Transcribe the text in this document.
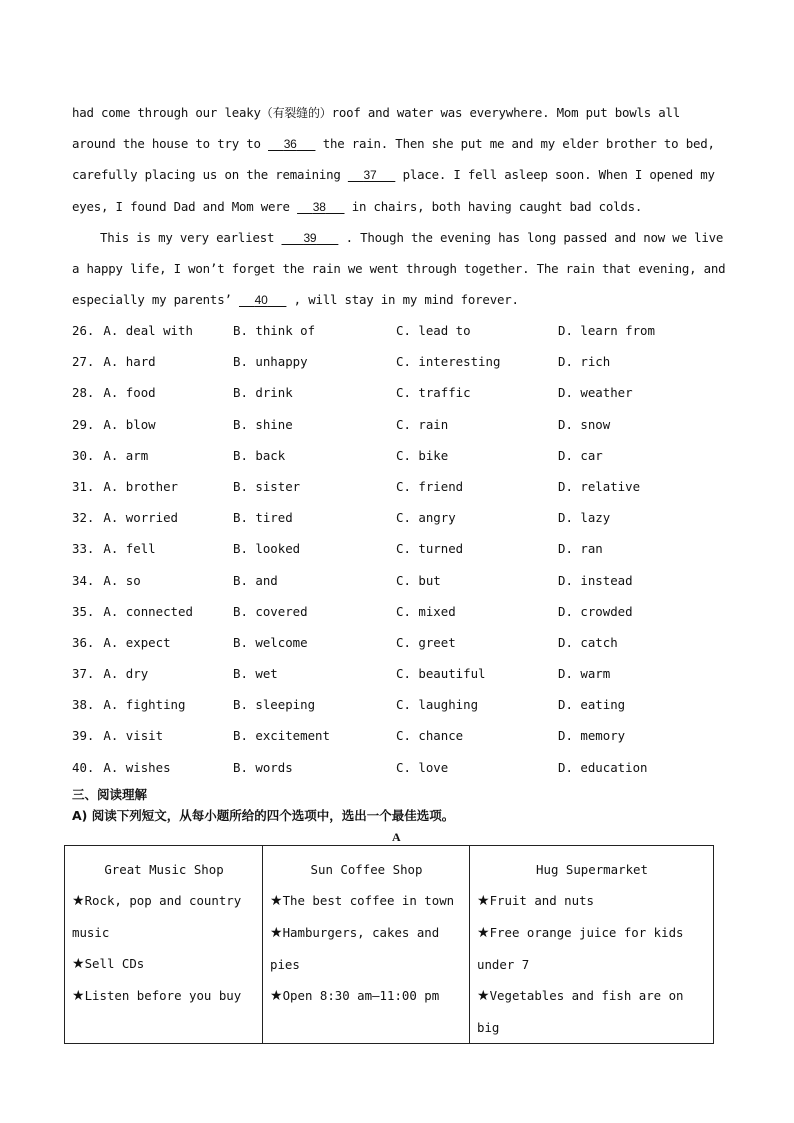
had come through our leaky（有裂缝的）roof and water was everywhere. Mom put bowls all
around the house to try to      36       the rain. Then she put me and my elder brother to bed,
carefully placing us on the remaining      37       place. I fell asleep soon. When I opened my
eyes, I found Dad and Mom were      38       in chairs, both having caught bad colds.
This is my very earliest        39        . Though the evening has long passed and now we live
a happy life, I won’t forget the rain we went through together. The rain that evening, and
especially my parents’      40       , will stay in my mind forever.
26. A. deal with	B. think of	C. lead to	D. learn from
27. A. hard	B. unhappy	C. interesting	D. rich
28. A. food	B. drink	C. traffic	D. weather
29. A. blow	B. shine	C. rain	D. snow
30. A. arm	B. back	C. bike	D. car
31. A. brother	B. sister	C. friend	D. relative
32. A. worried	B. tired	C. angry	D. lazy
33. A. fell	B. looked	C. turned	D. ran
34. A. so	B. and	C. but	D. instead
35. A. connected	B. covered	C. mixed	D. crowded
36. A. expect	B. welcome	C. greet	D. catch
37. A. dry	B. wet	C. beautiful	D. warm
38. A. fighting	B. sleeping	C. laughing	D. eating
39. A. visit	B. excitement	C. chance	D. memory
40. A. wishes	B. words	C. love	D. education
三、阅读理解
A) 阅读下列短文，从每小题所给的四个选项中，选出一个最佳选项。
A
Great Music Shop
★Rock, pop and country music
★Sell CDs
★Listen before you buy

Sun Coffee Shop
★The best coffee in town
★Hamburgers, cakes and pies
★Open 8:30 am—11:00 pm

Hug Supermarket
★Fruit and nuts
★Free orange juice for kids under 7
★Vegetables and fish are on big
